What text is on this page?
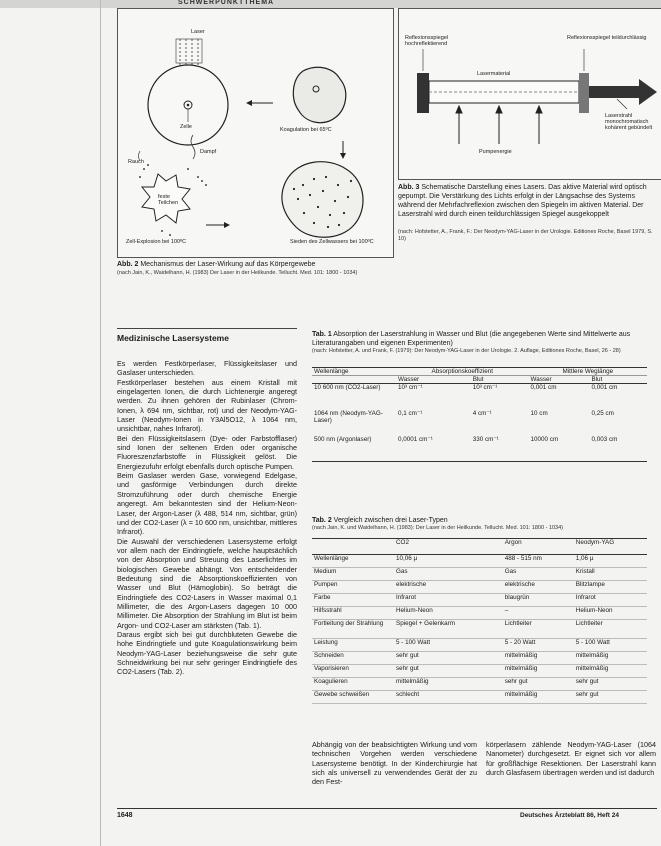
SCHWERPUNKTTHEMA
Laser
Zelle
Dampf
Rauch
feste Teilchen
Koagulation bei 65ºC
Zell-Explosion bei 100ºC	Sieden des Zellwassers bei 100ºC
Abb. 2 Mechanismus der Laser-Wirkung auf das Körpergewebe
(nach Jain, K., Waidelhann, H. (1983) Der Laser in der Heilkunde. Tellucht. Med. 101: 1800 - 1034)
Reflexionsspiegel hochreflektierend
Reflexionsspiegel teildurchlässig
Lasermaterial
Pumpenergie
Laserstrahl monochromatisch kohärent gebündelt
Abb. 3 Schematische Darstellung eines Lasers. Das aktive Material wird optisch gepumpt. Die Verstärkung des Lichts erfolgt in der Längsachse des Systems während der Mehrfachreflexion zwischen den Spiegeln im aktiven Material. Der Laserstrahl wird durch einen teildurchlässigen Spiegel ausgekoppelt
(nach: Hofstetter, A., Frank, F.: Der Neodym-YAG-Laser in der Urologie. Editiones Roche, Basel 1979, S. 10)
Medizinische Lasersysteme

Es werden Festkörperlaser, Flüssigkeitslaser und Gaslaser unterschieden.

Festkörperlaser bestehen aus einem Kristall mit eingelagerten Ionen, die durch Lichtenergie angeregt werden. Zu ihnen gehören der Rubinlaser (Chrom-Ionen, λ 694 nm, sichtbar, rot) und der Neodym-YAG-Laser (Neodym-Ionen in Y3Al5O12, λ 1064 nm, unsichtbar, nahes Infrarot).

Bei den Flüssigkeitslasern (Dye- oder Farbstofflaser) sind Ionen der seltenen Erden oder organische Fluoreszenzfarbstoffe in Flüssigkeit gelöst. Die Energiezufuhr erfolgt ebenfalls durch optische Pumpen.

Beim Gaslaser werden Gase, vorwiegend Edelgase, und gasförmige Verbindungen durch direkte Stromzuführung oder durch chemische Energie angeregt. Am bekanntesten sind der Helium-Neon-Laser, der Argon-Laser (λ 488, 514 nm, sichtbar, grün) und der CO2-Laser (λ = 10 600 nm, unsichtbar, mittleres Infrarot).

Die Auswahl der verschiedenen Lasersysteme erfolgt vor allem nach der Eindringtiefe, welche hauptsächlich von der Absorption und Streuung des Laserlichtes im biologischen Gewebe abhängt. Von entscheidender Bedeutung sind die Absorptionskoeffizienten von Wasser und Blut (Hämoglobin). So beträgt die Eindringtiefe des CO2-Lasers in Wasser maximal 0,1 Millimeter, die des Argon-Lasers dagegen 10 000 Millimeter. Die Absorption der Strahlung im Blut ist beim Argon- und CO2-Laser am stärksten (Tab. 1).

Daraus ergibt sich bei gut durchbluteten Gewebe die hohe Eindringtiefe und gute Koagulationswirkung beim Neodym-YAG-Laser beziehungsweise die sehr gute Schneidwirkung bei nur sehr geringer Eindringtiefe des CO2-Lasers (Tab. 2).

Tab. 1 Absorption der Laserstrahlung in Wasser und Blut (die angegebenen Werte sind Mittelwerte aus Literaturangaben und eigenen Experimenten)
(nach: Hofstetter, A. und Frank, F. (1979): Der Neodym-YAG-Laser in der Urologie. 2. Auflage, Editiones Roche, Basel, 26 - 28)
Wellenlänge	Absorptionskoeffizient		Mittlere Weglänge	
	Wasser	Blut	Wasser	Blut
10 600 nm (CO2-Laser)	10³ cm⁻¹	10³ cm⁻¹	0,001 cm	0,001 cm
1064 nm (Neodym-YAG-Laser)	0,1 cm⁻¹	4 cm⁻¹	10 cm	0,25 cm
500 nm (Argonlaser)	0,0001 cm⁻¹	330 cm⁻¹	10000 cm	0,003 cm
Tab. 2 Vergleich zwischen drei Laser-Typen
(nach Jain, K. und Waidelhann, H. (1983): Der Laser in der Heilkunde. Tellucht. Med. 101: 1800 - 1034)
	CO2	Argon	Neodym-YAG
Wellenlänge	10,06 µ	488 - 515 nm	1,06 µ
Medium	Gas	Gas	Kristall
Pumpen	elektrische	elektrische	Blitzlampe
Farbe	Infrarot	blaugrün	Infrarot
Hilfsstrahl	Helium-Neon	–	Helium-Neon
Fortleitung der Strahlung	Spiegel + Gelenkarm	Lichtleiter	Lichtleiter
Leistung	5 - 100 Watt	5 - 20 Watt	5 - 100 Watt
Schneiden	sehr gut	mittelmäßig	mittelmäßig
Vaporisieren	sehr gut	mittelmäßig	mittelmäßig
Koagulieren	mittelmäßig	sehr gut	sehr gut
Gewebe schweißen	schlecht	mittelmäßig	sehr gut

Abhängig von der beabsichtigten Wirkung und vom technischen Vorgehen werden verschiedene Lasersysteme benötigt. In der Kinderchirurgie hat sich als universell zu verwendendes Gerät der zu den Fest-

körperlasern zählende Neodym-YAG-Laser (1064 Nanometer) durchgesetzt. Er eignet sich vor allem für großflächige Resektionen. Der Laserstrahl kann durch Glasfasern übertragen werden und ist dadurch

1648	Deutsches Ärzteblatt 86, Heft 24
